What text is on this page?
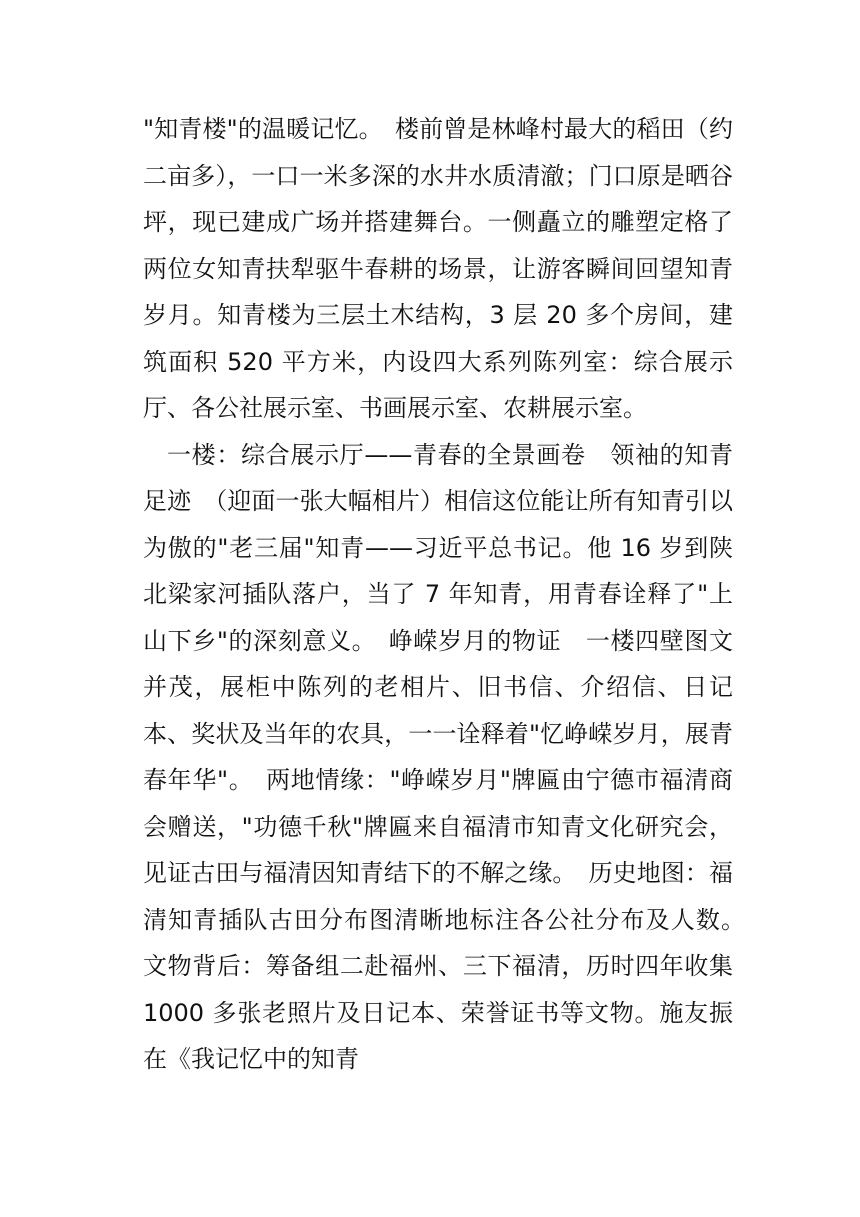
"知青楼"的温暖记忆。　楼前曾是林峰村最大的稻田（约二亩多），一口一米多深的水井水质清澈；门口原是晒谷坪，现已建成广场并搭建舞台。一侧矗立的雕塑定格了两位女知青扶犁驱牛春耕的场景，让游客瞬间回望知青岁月。知青楼为三层土木结构，3 层 20 多个房间，建筑面积 520 平方米，内设四大系列陈列室：综合展示厅、各公社展示室、书画展示室、农耕展示室。

一楼：综合展示厅——青春的全景画卷　领袖的知青足迹　（迎面一张大幅相片）相信这位能让所有知青引以为傲的"老三届"知青——习近平总书记。他 16 岁到陕北梁家河插队落户，当了 7 年知青，用青春诠释了"上山下乡"的深刻意义。　峥嵘岁月的物证　一楼四壁图文并茂，展柜中陈列的老相片、旧书信、介绍信、日记本、奖状及当年的农具，一一诠释着"忆峥嵘岁月，展青春年华"。　两地情缘："峥嵘岁月"牌匾由宁德市福清商会赠送，"功德千秋"牌匾来自福清市知青文化研究会，见证古田与福清因知青结下的不解之缘。　历史地图：福清知青插队古田分布图清晰地标注各公社分布及人数。　文物背后：筹备组二赴福州、三下福清，历时四年收集 1000 多张老照片及日记本、荣誉证书等文物。施友振在《我记忆中的知青
